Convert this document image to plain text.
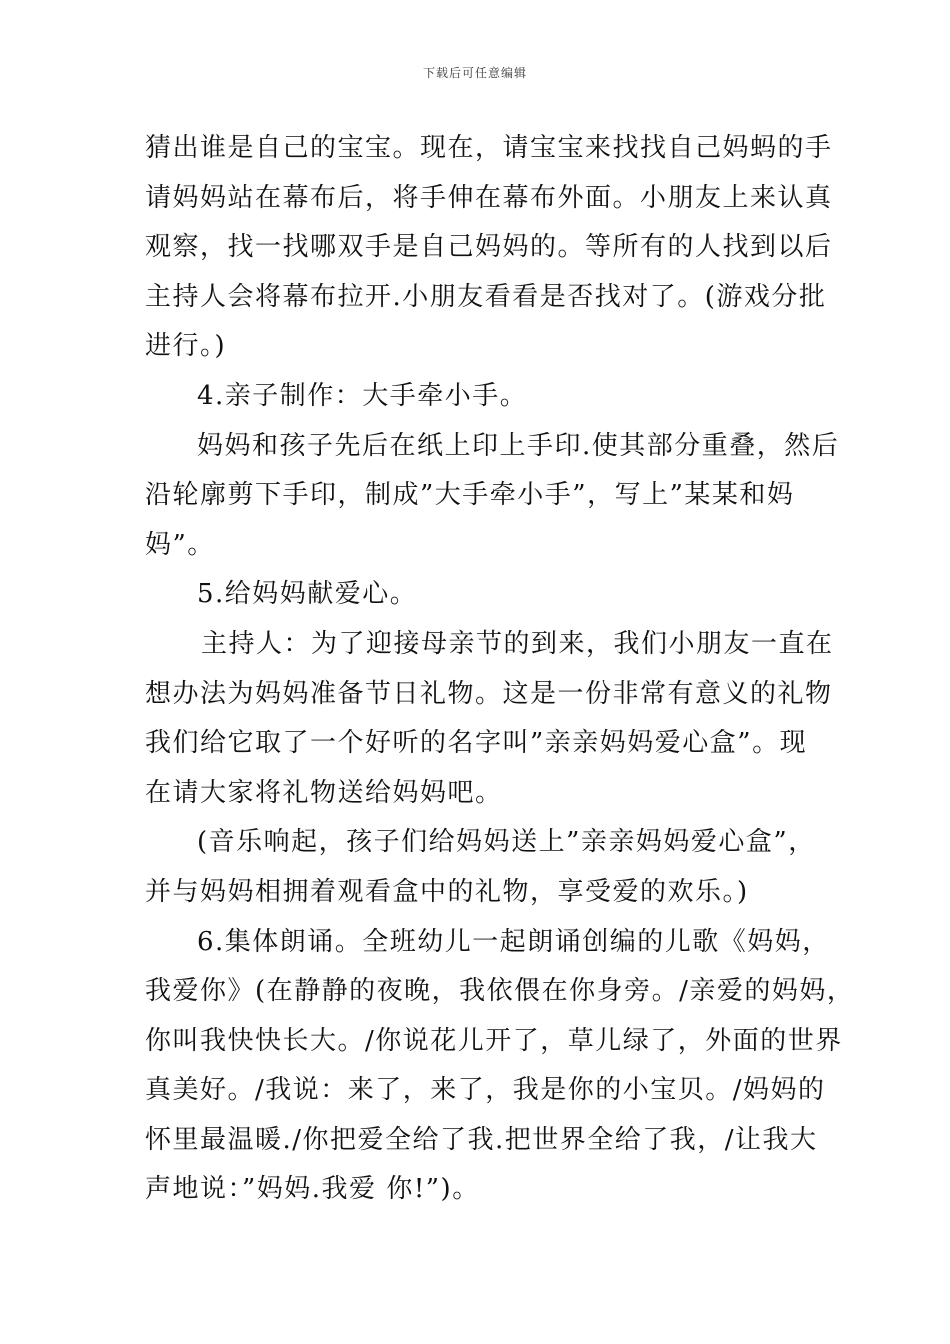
下载后可任意编辑
猜出谁是自己的宝宝。现在，请宝宝来找找自己妈蚂的手
请妈妈站在幕布后，将手伸在幕布外面。小朋友上来认真
观察，找一找哪双手是自己妈妈的。等所有的人找到以后
主持人会将幕布拉开.小朋友看看是否找对了。(游戏分批
进行。)
4.亲子制作：大手牵小手。
妈妈和孩子先后在纸上印上手印.使其部分重叠，然后
沿轮廓剪下手印，制成”大手牵小手”，写上”某某和妈
妈”。
5.给妈妈献爱心。
主持人：为了迎接母亲节的到来，我们小朋友一直在
想办法为妈妈准备节日礼物。这是一份非常有意义的礼物
我们给它取了一个好听的名字叫”亲亲妈妈爱心盒”。现
在请大家将礼物送给妈妈吧。
(音乐响起，孩子们给妈妈送上”亲亲妈妈爱心盒”，
并与妈妈相拥着观看盒中的礼物，享受爱的欢乐。)
6.集体朗诵。全班幼儿一起朗诵创编的儿歌《妈妈，
我爱你》(在静静的夜晚，我依偎在你身旁。/亲爱的妈妈，
你叫我快快长大。/你说花儿开了，草儿绿了，外面的世界
真美好。/我说：来了，来了，我是你的小宝贝。/妈妈的
怀里最温暖./你把爱全给了我.把世界全给了我，/让我大
声地说：”妈妈.我爱 你!”)。
